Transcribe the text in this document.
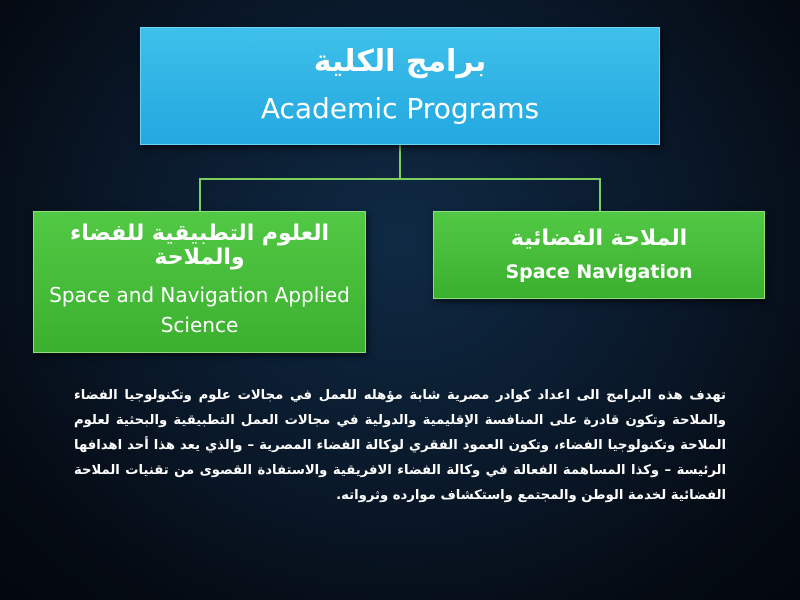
برامج الكلية
Academic Programs
العلوم التطبيقية للفضاء والملاحة
Space and Navigation Applied Science
الملاحة الفضائية
Space Navigation
تهدف هذه البرامج الى اعداد كوادر مصرية شابة مؤهله للعمل في مجالات علوم وتكنولوجيا الفضاء والملاحة وتكون قادرة على المنافسة الإقليمية والدولية في مجالات العمل التطبيقية والبحثية لعلوم الملاحة وتكنولوجيا الفضاء، وتكون العمود الفقري لوكالة الفضاء المصرية – والذي يعد هذا أحد اهدافها الرئيسة – وكذا المساهمة الفعالة في وكالة الفضاء الافريقية والاستفادة القصوى من تقنيات الملاحة الفضائية لخدمة الوطن والمجتمع واستكشاف موارده وثرواته.
